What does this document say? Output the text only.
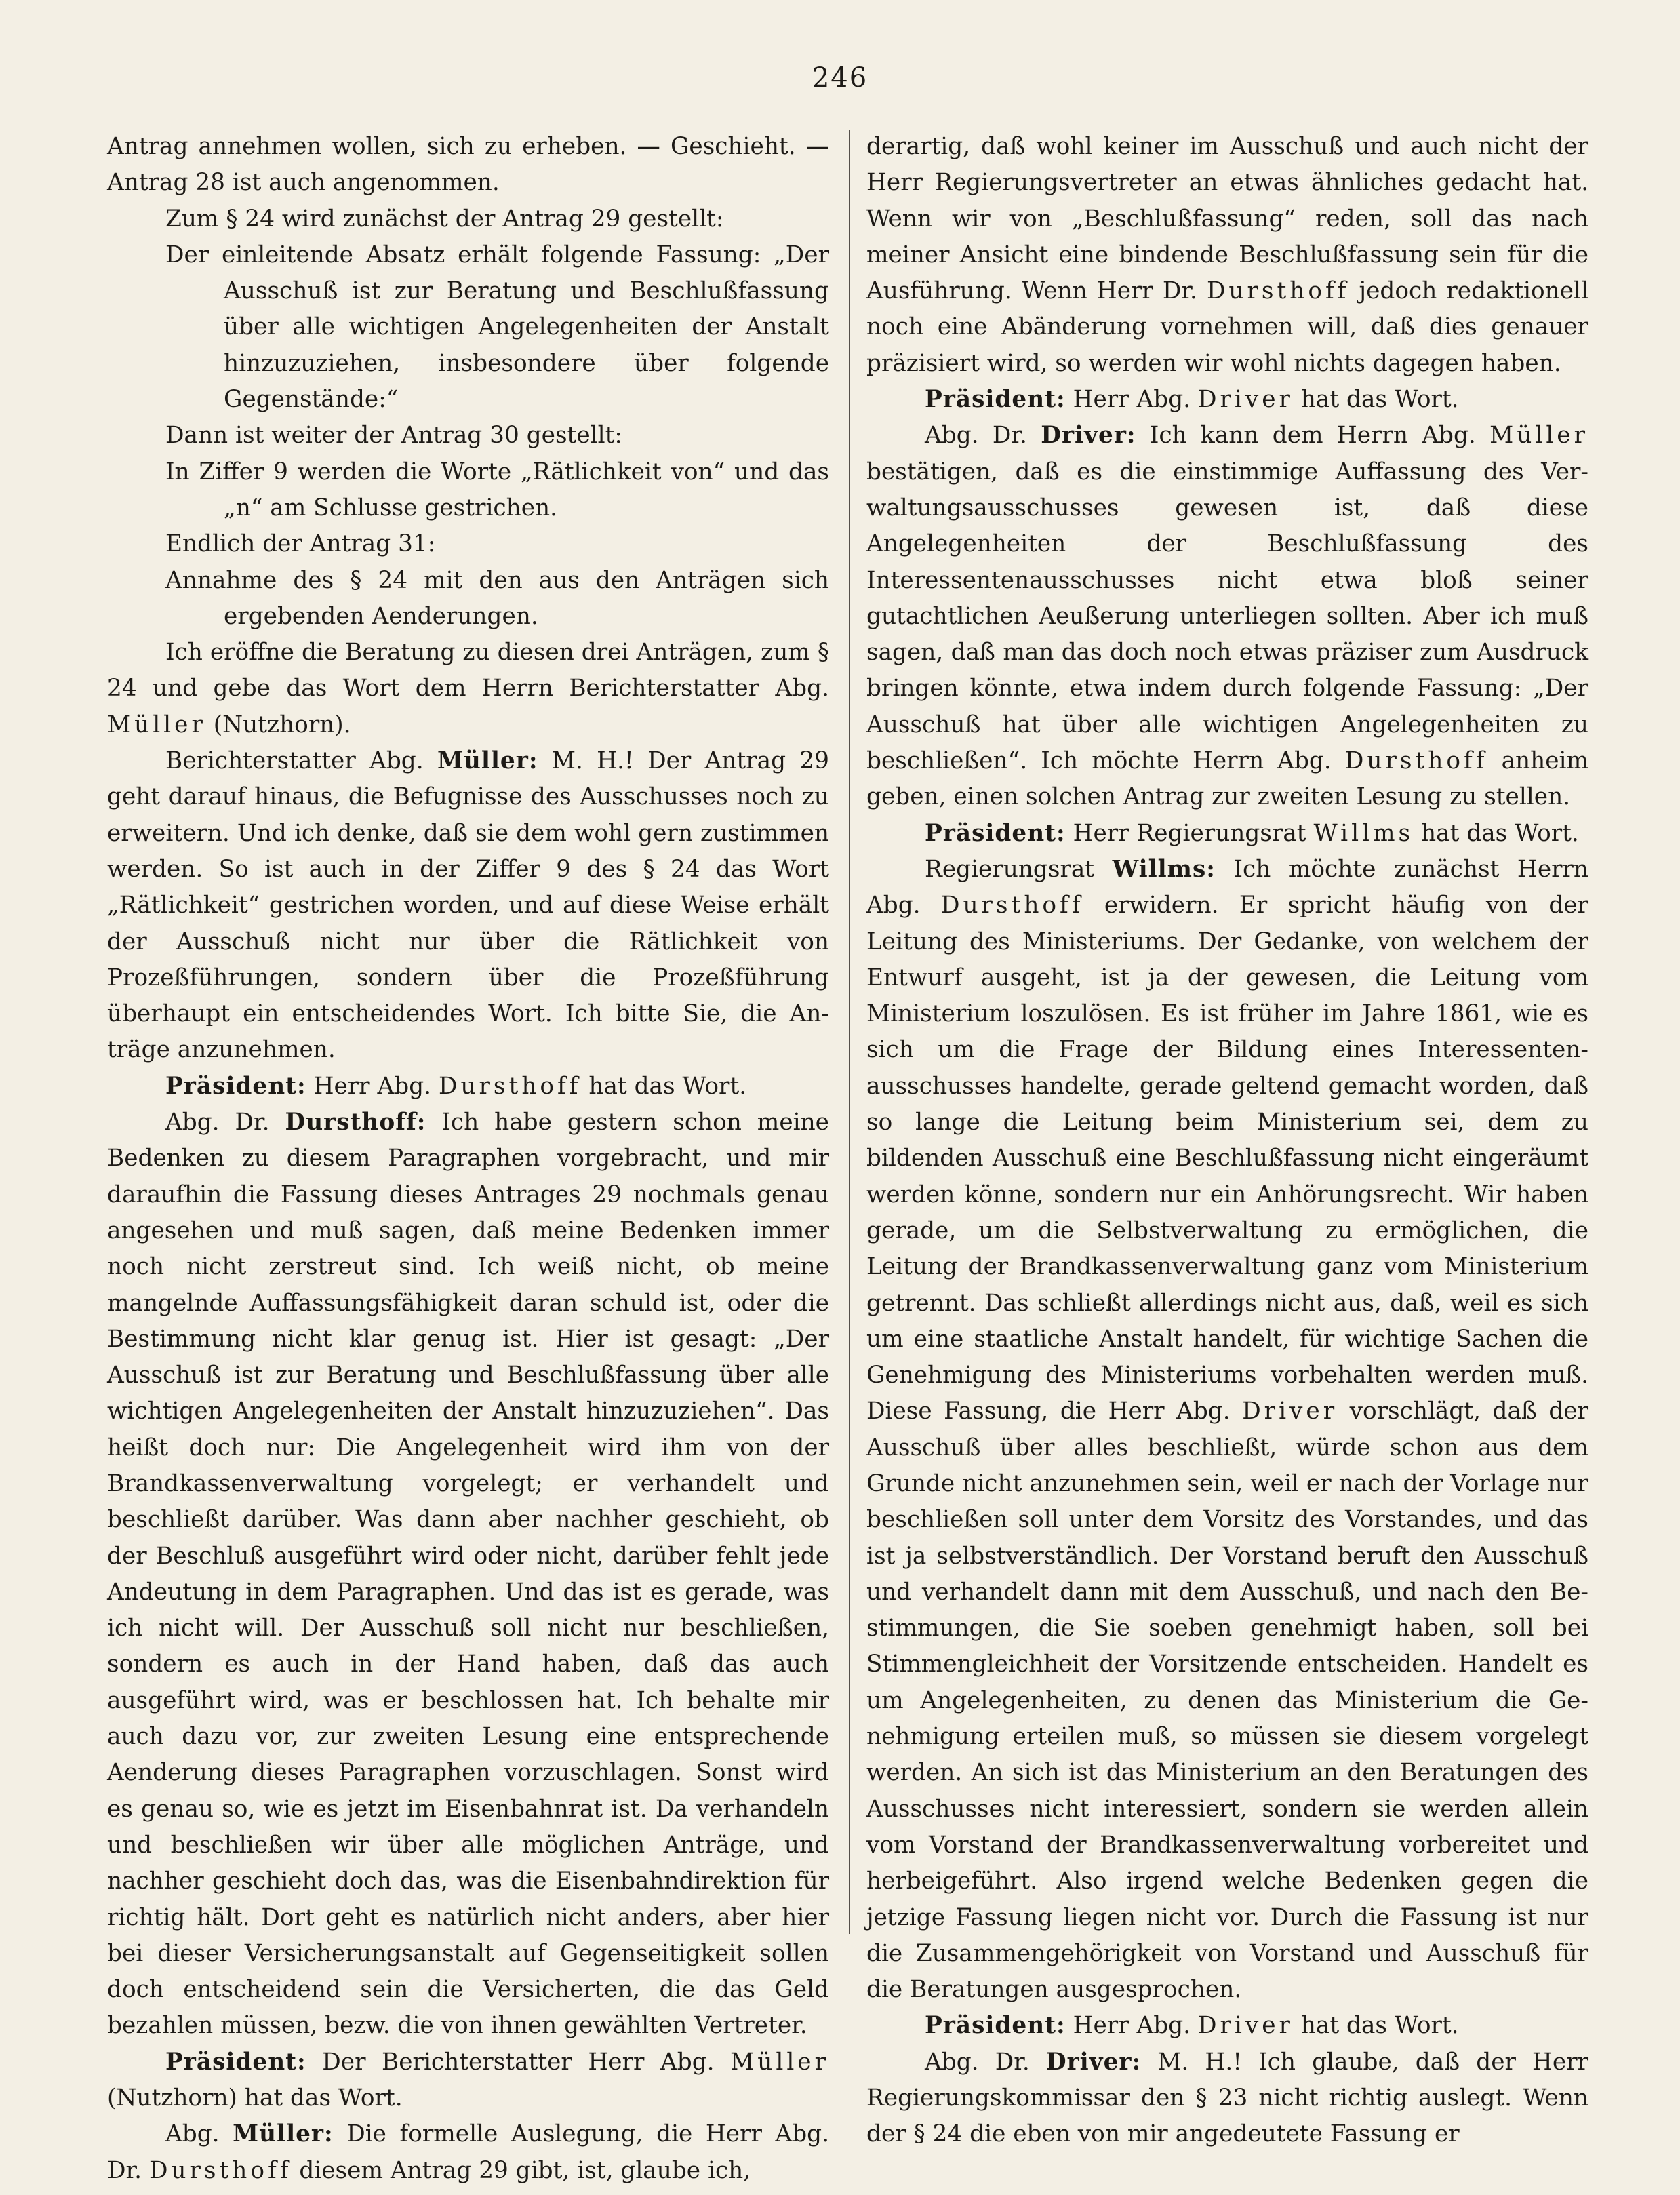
246

Antrag annehmen wollen, sich zu erheben. — Geschieht. — Antrag 28 ist auch angenommen.

Zum § 24 wird zunächst der Antrag 29 gestellt:

Der einleitende Absatz erhält folgende Fassung: „Der Ausschuß ist zur Beratung und Beschlußfassung über alle wichtigen Angelegenheiten der Anstalt hinzuzuziehen, insbesondere über folgende Gegenstände:“

Dann ist weiter der Antrag 30 gestellt:

In Ziffer 9 werden die Worte „Rätlichkeit von“ und das „n“ am Schlusse gestrichen.

Endlich der Antrag 31:

Annahme des § 24 mit den aus den Anträgen sich ergebenden Aenderungen.

Ich eröffne die Beratung zu diesen drei Anträgen, zum § 24 und gebe das Wort dem Herrn Berichterstatter Abg. Müller (Nutzhorn).

Berichterstatter Abg. Müller: M. H.! Der Antrag 29 geht darauf hinaus, die Befugnisse des Ausschusses noch zu erweitern. Und ich denke, daß sie dem wohl gern zustimmen werden. So ist auch in der Ziffer 9 des § 24 das Wort „Rätlichkeit“ gestrichen worden, und auf diese Weise erhält der Ausschuß nicht nur über die Rätlichkeit von Prozeßführungen, sondern über die Prozeßführung überhaupt ein entscheidendes Wort. Ich bitte Sie, die Anträge anzunehmen.

Präsident: Herr Abg. Dursthoff hat das Wort.

Abg. Dr. Dursthoff: Ich habe gestern schon meine Bedenken zu diesem Paragraphen vorgebracht, und mir daraufhin die Fassung dieses Antrages 29 nochmals genau angesehen und muß sagen, daß meine Bedenken immer noch nicht zerstreut sind. Ich weiß nicht, ob meine mangelnde Auffassungsfähigkeit daran schuld ist, oder die Bestimmung nicht klar genug ist. Hier ist gesagt: „Der Ausschuß ist zur Beratung und Beschlußfassung über alle wichtigen Angelegenheiten der Anstalt hinzuzuziehen“. Das heißt doch nur: Die Angelegenheit wird ihm von der Brandkassenverwaltung vorgelegt; er verhandelt und beschließt darüber. Was dann aber nachher geschieht, ob der Beschluß ausgeführt wird oder nicht, darüber fehlt jede Andeutung in dem Paragraphen. Und das ist es gerade, was ich nicht will. Der Ausschuß soll nicht nur beschließen, sondern es auch in der Hand haben, daß das auch ausgeführt wird, was er beschlossen hat. Ich behalte mir auch dazu vor, zur zweiten Lesung eine entsprechende Aenderung dieses Paragraphen vorzuschlagen. Sonst wird es genau so, wie es jetzt im Eisenbahnrat ist. Da verhandeln und beschließen wir über alle möglichen Anträge, und nachher geschieht doch das, was die Eisenbahndirektion für richtig hält. Dort geht es natürlich nicht anders, aber hier bei dieser Versicherungsanstalt auf Gegenseitigkeit sollen doch entscheidend sein die Versicherten, die das Geld bezahlen müssen, bezw. die von ihnen gewählten Vertreter.

Präsident: Der Berichterstatter Herr Abg. Müller (Nutzhorn) hat das Wort.

Abg. Müller: Die formelle Auslegung, die Herr Abg. Dr. Dursthoff diesem Antrag 29 gibt, ist, glaube ich,

derartig, daß wohl keiner im Ausschuß und auch nicht der Herr Regierungsvertreter an etwas ähnliches gedacht hat. Wenn wir von „Beschlußfassung“ reden, soll das nach meiner Ansicht eine bindende Beschlußfassung sein für die Ausführung. Wenn Herr Dr. Dursthoff jedoch redaktionell noch eine Abänderung vornehmen will, daß dies genauer präzisiert wird, so werden wir wohl nichts dagegen haben.

Präsident: Herr Abg. Driver hat das Wort.

Abg. Dr. Driver: Ich kann dem Herrn Abg. Müller bestätigen, daß es die einstimmige Auffassung des Verwaltungsausschusses gewesen ist, daß diese Angelegenheiten der Beschlußfassung des Interessentenausschusses nicht etwa bloß seiner gutachtlichen Aeußerung unterliegen sollten. Aber ich muß sagen, daß man das doch noch etwas präziser zum Ausdruck bringen könnte, etwa indem durch folgende Fassung: „Der Ausschuß hat über alle wichtigen Angelegenheiten zu beschließen“. Ich möchte Herrn Abg. Dursthoff anheim geben, einen solchen Antrag zur zweiten Lesung zu stellen.

Präsident: Herr Regierungsrat Willms hat das Wort.

Regierungsrat Willms: Ich möchte zunächst Herrn Abg. Dursthoff erwidern. Er spricht häufig von der Leitung des Ministeriums. Der Gedanke, von welchem der Entwurf ausgeht, ist ja der gewesen, die Leitung vom Ministerium loszulösen. Es ist früher im Jahre 1861, wie es sich um die Frage der Bildung eines Interessentenausschusses handelte, gerade geltend gemacht worden, daß so lange die Leitung beim Ministerium sei, dem zu bildenden Ausschuß eine Beschlußfassung nicht eingeräumt werden könne, sondern nur ein Anhörungsrecht. Wir haben gerade, um die Selbstverwaltung zu ermöglichen, die Leitung der Brandkassenverwaltung ganz vom Ministerium getrennt. Das schließt allerdings nicht aus, daß, weil es sich um eine staatliche Anstalt handelt, für wichtige Sachen die Genehmigung des Ministeriums vorbehalten werden muß. Diese Fassung, die Herr Abg. Driver vorschlägt, daß der Ausschuß über alles beschließt, würde schon aus dem Grunde nicht anzunehmen sein, weil er nach der Vorlage nur beschließen soll unter dem Vorsitz des Vorstandes, und das ist ja selbstverständlich. Der Vorstand beruft den Ausschuß und verhandelt dann mit dem Ausschuß, und nach den Bestimmungen, die Sie soeben genehmigt haben, soll bei Stimmengleichheit der Vorsitzende entscheiden. Handelt es um Angelegenheiten, zu denen das Ministerium die Genehmigung erteilen muß, so müssen sie diesem vorgelegt werden. An sich ist das Ministerium an den Beratungen des Ausschusses nicht interessiert, sondern sie werden allein vom Vorstand der Brandkassenverwaltung vorbereitet und herbeigeführt. Also irgend welche Bedenken gegen die jetzige Fassung liegen nicht vor. Durch die Fassung ist nur die Zusammengehörigkeit von Vorstand und Ausschuß für die Beratungen ausgesprochen.

Präsident: Herr Abg. Driver hat das Wort.

Abg. Dr. Driver: M. H.! Ich glaube, daß der Herr Regierungskommissar den § 23 nicht richtig auslegt. Wenn der § 24 die eben von mir angedeutete Fassung er
